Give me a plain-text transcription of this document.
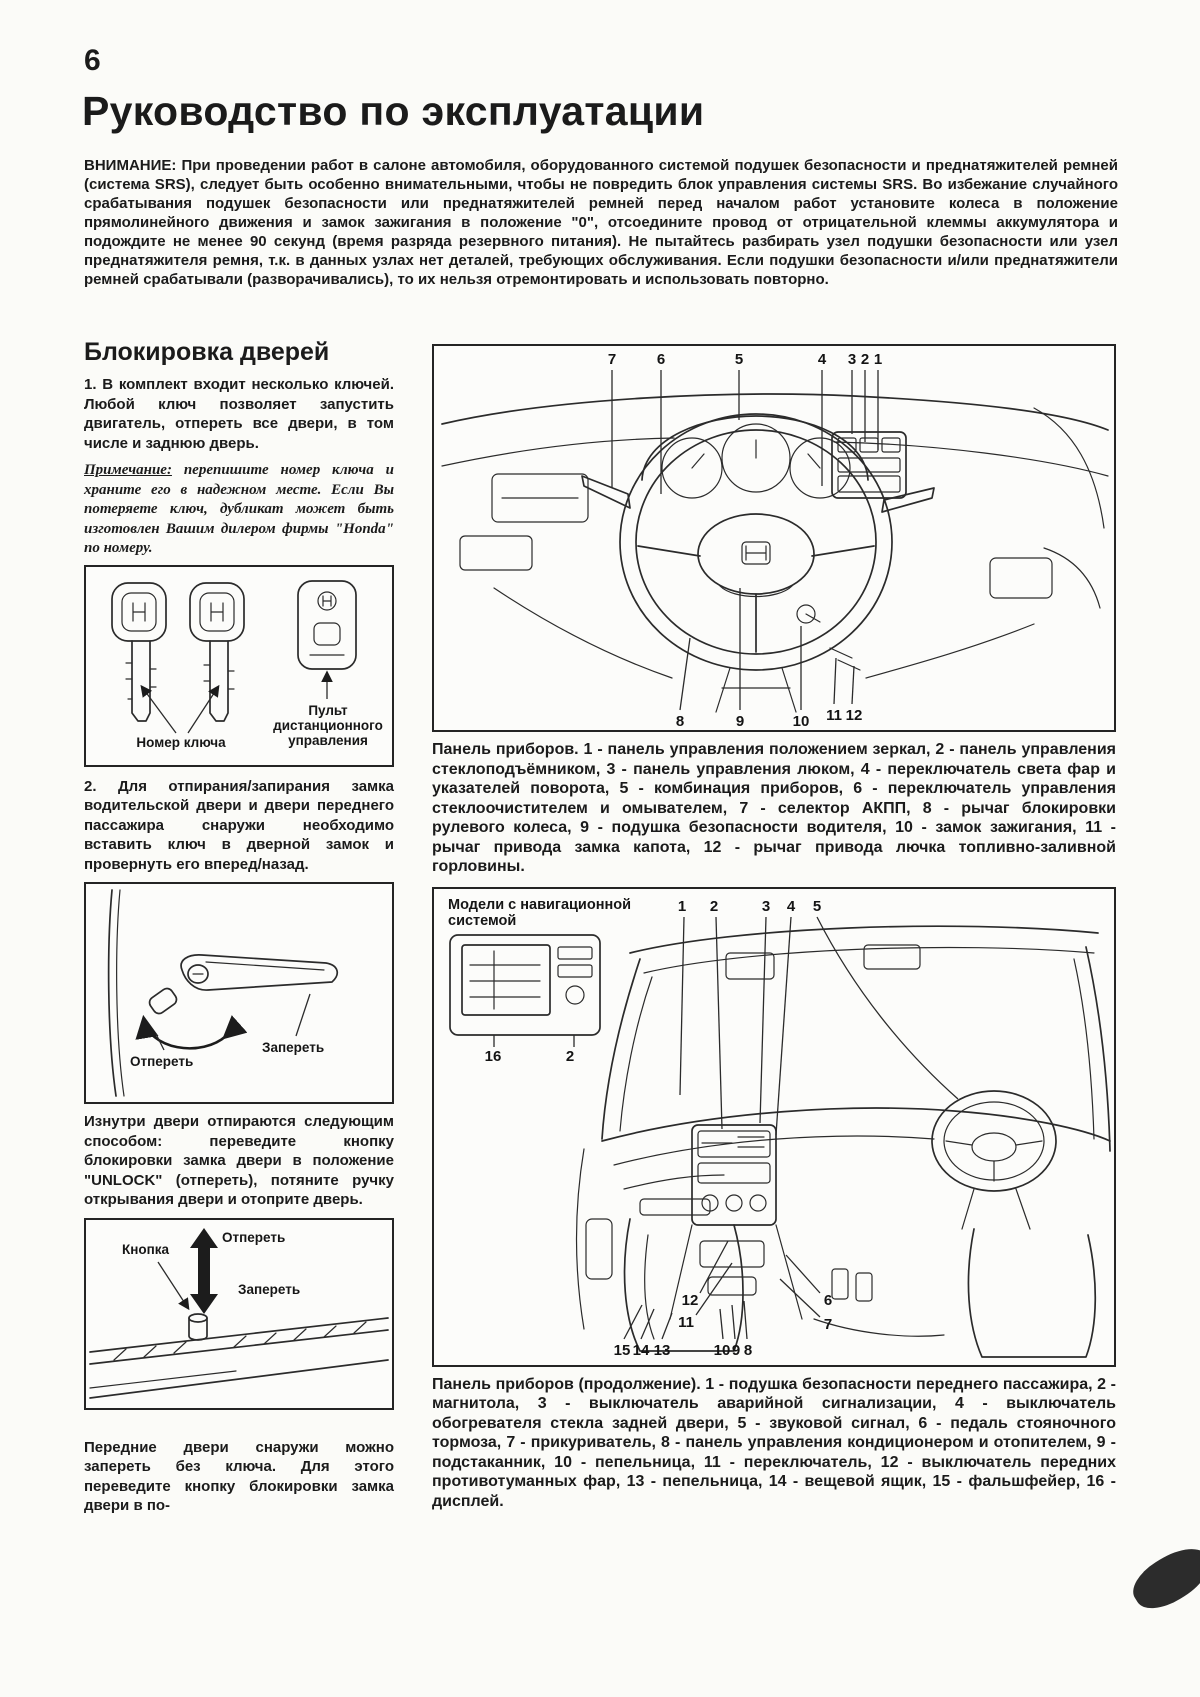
6
Руководство по эксплуатации

ВНИМАНИЕ: При проведении работ в салоне автомобиля, оборудованного системой подушек безопасности и преднатяжителей ремней (система SRS), следует быть особенно внимательными, чтобы не повредить блок управления системы SRS. Во избежание случайного срабатывания подушек безопасности или преднатяжителей ремней перед началом работ установите колеса в положение прямолинейного движения и замок зажигания в положение "0", отсоедините провод от отрицательной клеммы аккумулятора и подождите не менее 90 секунд (время разряда резервного питания). Не пытайтесь разбирать узел подушки безопасности или узел преднатяжителя ремня, т.к. в данных узлах нет деталей, требующих обслуживания. Если подушки безопасности и/или преднатяжители ремней срабатывали (разворачивались), то их нельзя отремонтировать и использовать повторно.

Блокировка дверей

1. В комплект входит несколько ключей. Любой ключ позволяет запустить двигатель, отпереть все двери, в том числе и заднюю дверь.

Примечание: перепишите номер ключа и храните его в надежном месте. Если Вы потеряете ключ, дубликат может быть изготовлен Вашим дилером фирмы "Honda" по номеру.

Номер ключа
Пульт дистанционного управления

2. Для отпирания/запирания замка водительской двери и двери переднего пассажира снаружи необходимо вставить ключ в дверной замок и провернуть его вперед/назад.

Отпереть
Запереть

Изнутри двери отпираются следующим способом: переведите кнопку блокировки замка двери в положение "UNLOCK" (отпереть), потяните ручку открывания двери и отоприте дверь.

Кнопка
Отпереть
Запереть

Передние двери снаружи можно запереть без ключа. Для этого переведите кнопку блокировки замка двери в по-

7	6	5	4 3 2 1
8	9	10 11 12

Панель приборов. 1 - панель управления положением зеркал, 2 - панель управления стеклоподъёмником, 3 - панель управления люком, 4 - переключатель света фар и указателей поворота, 5 - комбинация приборов, 6 - переключатель управления стеклоочистителем и омывателем, 7 - селектор АКПП, 8 - рычаг блокировки рулевого колеса, 9 - подушка безопасности водителя, 10 - замок зажигания, 11 - рычаг привода замка капота, 12 - рычаг привода лючка топливно-заливной горловины.

16	2
1 2	3 4 5
12
11
15 14 13	10 9 8
6
7
Модели с навигационной системой

Панель приборов (продолжение). 1 - подушка безопасности переднего пассажира, 2 - магнитола, 3 - выключатель аварийной сигнализации, 4 - выключатель обогревателя стекла задней двери, 5 - звуковой сигнал, 6 - педаль стояночного тормоза, 7 - прикуриватель, 8 - панель управления кондиционером и отопителем, 9 - подстаканник, 10 - пепельница, 11 - переключатель, 12 - выключатель передних противотуманных фар, 13 - пепельница, 14 - вещевой ящик, 15 - фальшфейер, 16 - дисплей.
